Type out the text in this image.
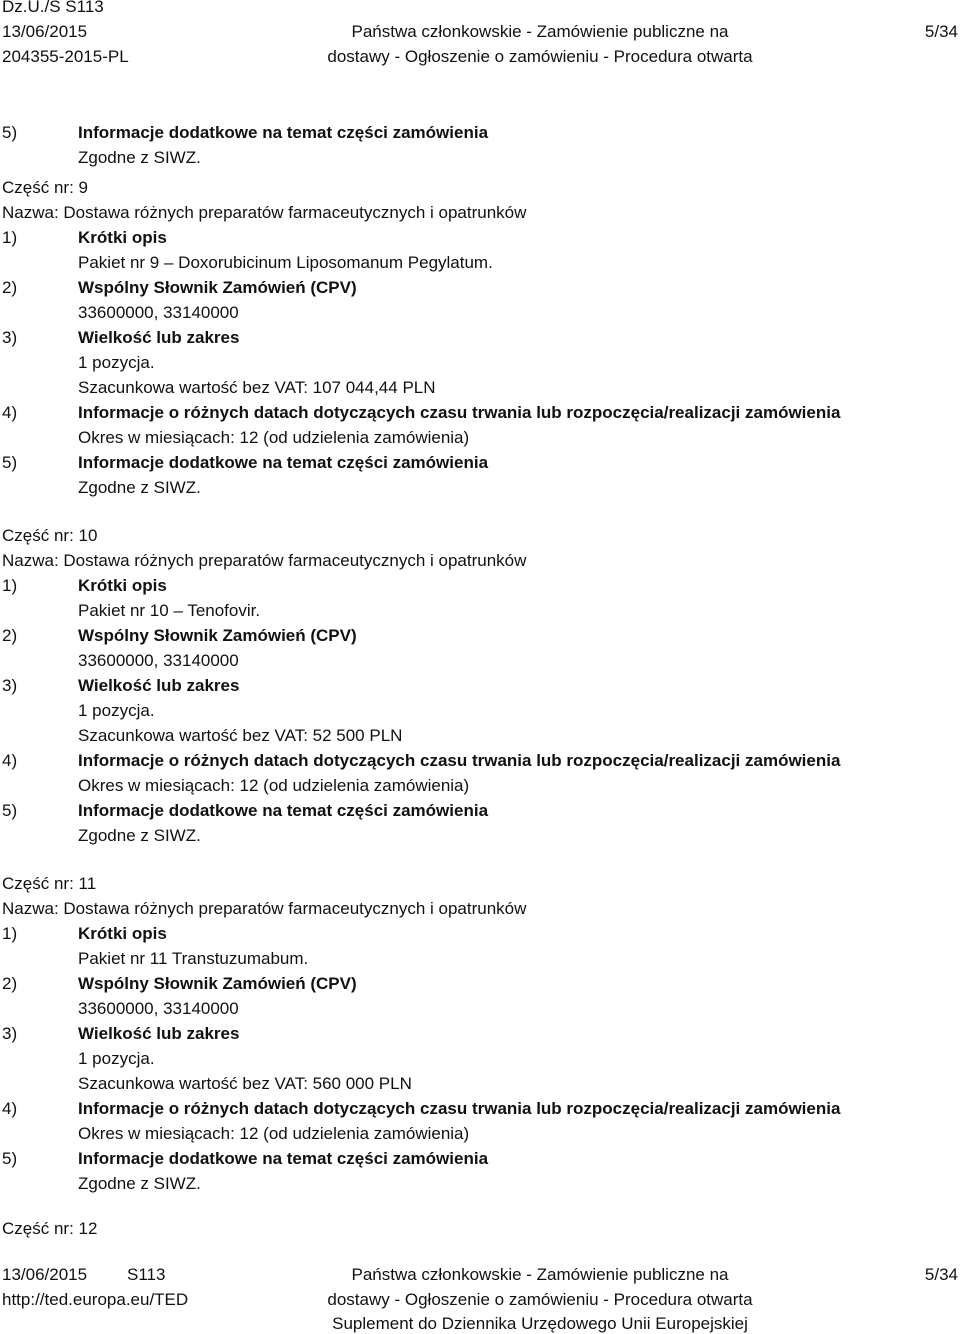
Dz.U./S S113
13/06/2015
204355-2015-PL
Państwa członkowskie - Zamówienie publiczne na
dostawy - Ogłoszenie o zamówieniu - Procedura otwarta
5/34
5)	Informacje dodatkowe na temat części zamówienia
Zgodne z SIWZ.
Część nr: 9
Nazwa: Dostawa różnych preparatów farmaceutycznych i opatrunków
1)	Krótki opis
Pakiet nr 9 – Doxorubicinum Liposomanum Pegylatum.
2)	Wspólny Słownik Zamówień (CPV)
33600000, 33140000
3)	Wielkość lub zakres
1 pozycja.
Szacunkowa wartość bez VAT: 107 044,44 PLN
4)	Informacje o różnych datach dotyczących czasu trwania lub rozpoczęcia/realizacji zamówienia
Okres w miesiącach: 12 (od udzielenia zamówienia)
5)	Informacje dodatkowe na temat części zamówienia
Zgodne z SIWZ.
Część nr: 10
Nazwa: Dostawa różnych preparatów farmaceutycznych i opatrunków
1)	Krótki opis
Pakiet nr 10 – Tenofovir.
2)	Wspólny Słownik Zamówień (CPV)
33600000, 33140000
3)	Wielkość lub zakres
1 pozycja.
Szacunkowa wartość bez VAT: 52 500 PLN
4)	Informacje o różnych datach dotyczących czasu trwania lub rozpoczęcia/realizacji zamówienia
Okres w miesiącach: 12 (od udzielenia zamówienia)
5)	Informacje dodatkowe na temat części zamówienia
Zgodne z SIWZ.
Część nr: 11
Nazwa: Dostawa różnych preparatów farmaceutycznych i opatrunków
1)	Krótki opis
Pakiet nr 11 Transtuzumabum.
2)	Wspólny Słownik Zamówień (CPV)
33600000, 33140000
3)	Wielkość lub zakres
1 pozycja.
Szacunkowa wartość bez VAT: 560 000 PLN
4)	Informacje o różnych datach dotyczących czasu trwania lub rozpoczęcia/realizacji zamówienia
Okres w miesiącach: 12 (od udzielenia zamówienia)
5)	Informacje dodatkowe na temat części zamówienia
Zgodne z SIWZ.
Część nr: 12
13/06/2015 S113
http://ted.europa.eu/TED
Państwa członkowskie - Zamówienie publiczne na
dostawy - Ogłoszenie o zamówieniu - Procedura otwarta
Suplement do Dziennika Urzędowego Unii Europejskiej
5/34
